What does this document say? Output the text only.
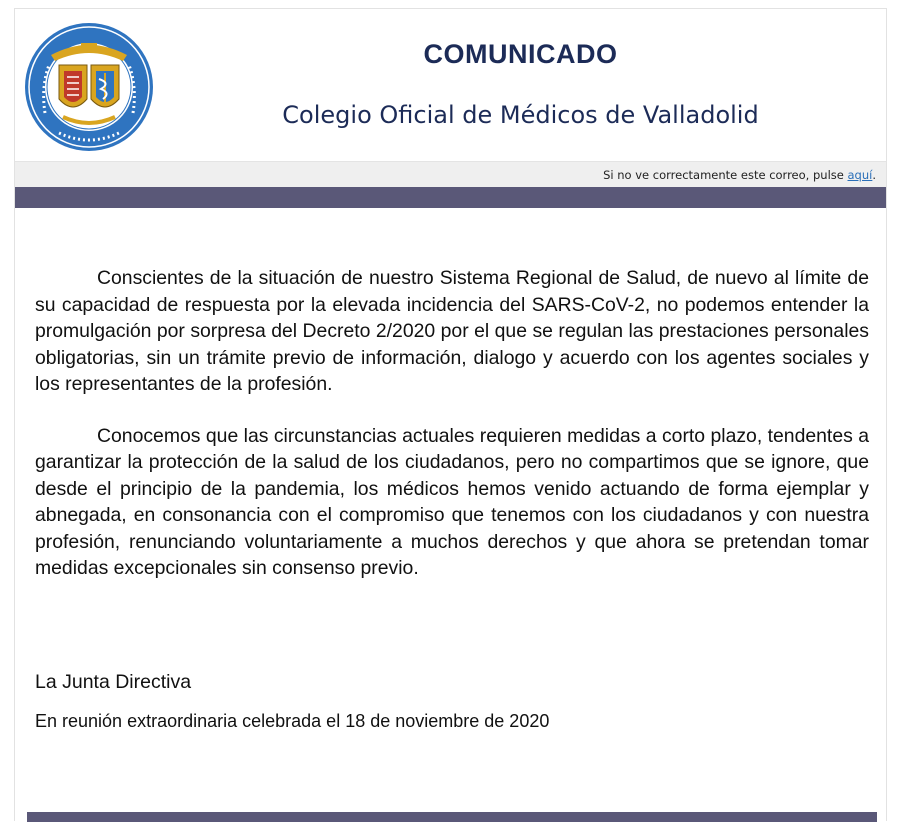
COMUNICADO
Colegio Oficial de Médicos de Valladolid
Si no ve correctamente este correo, pulse aquí.

Conscientes de la situación de nuestro Sistema Regional de Salud, de nuevo al límite de su capacidad de respuesta por la elevada incidencia del SARS-CoV-2, no podemos entender la promulgación por sorpresa del Decreto 2/2020 por el que se regulan las prestaciones personales obligatorias, sin un trámite previo de información, dialogo y acuerdo con los agentes sociales y los representantes de la profesión.

Conocemos que las circunstancias actuales requieren medidas a corto plazo, tendentes a garantizar la protección de la salud de los ciudadanos, pero no compartimos que se ignore, que desde el principio de la pandemia, los médicos hemos venido actuando de forma ejemplar y abnegada, en consonancia con el compromiso que tenemos con los ciudadanos y con nuestra profesión, renunciando voluntariamente a muchos derechos y que ahora se pretendan tomar medidas excepcionales sin consenso previo.

La Junta Directiva
En reunión extraordinaria celebrada el 18 de noviembre de 2020
